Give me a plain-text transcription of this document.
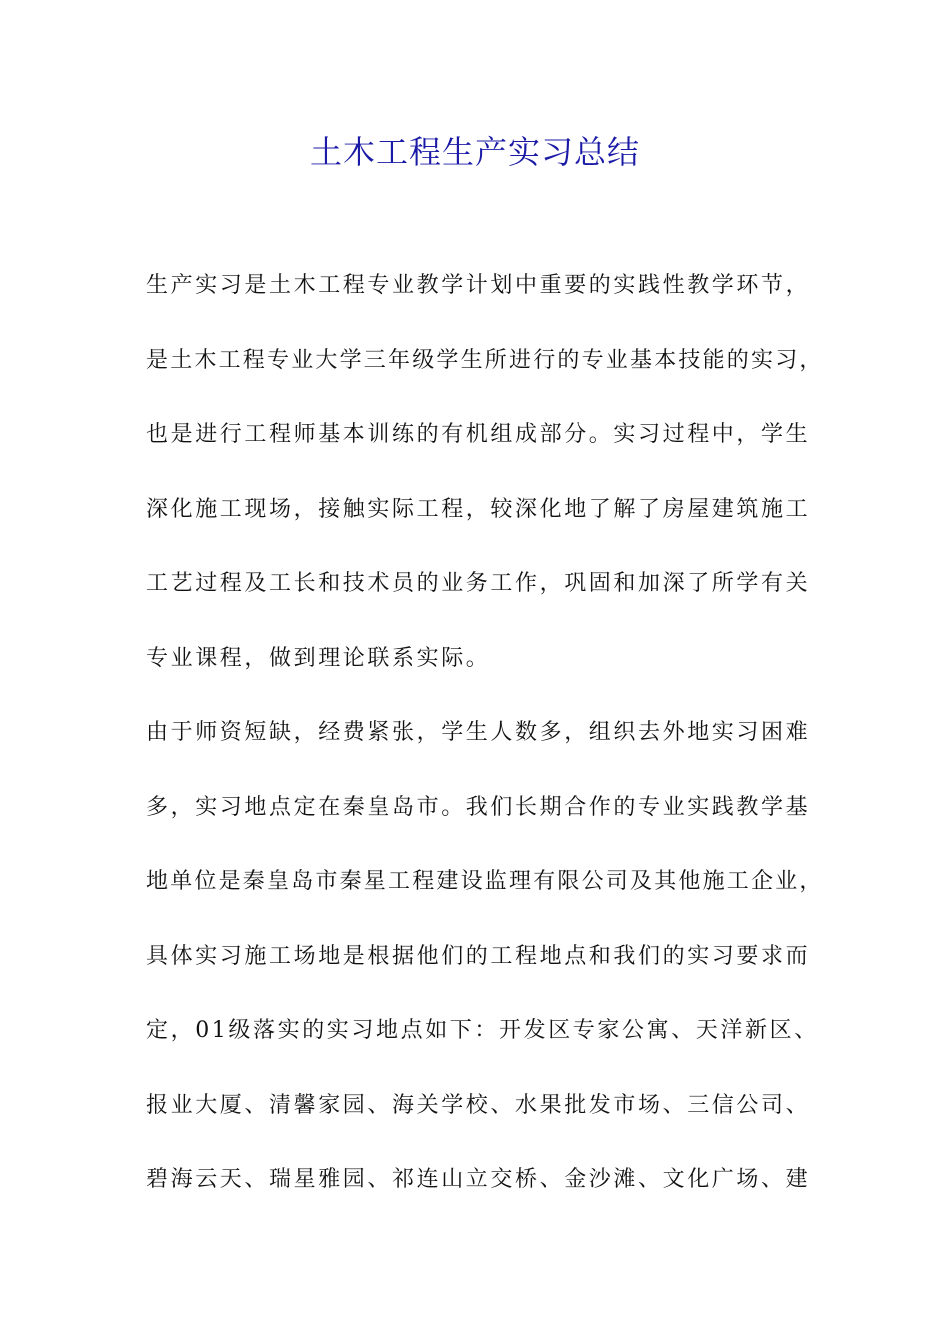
土木工程生产实习总结
生产实习是土木工程专业教学计划中重要的实践性教学环节，
是土木工程专业大学三年级学生所进行的专业基本技能的实习，
也是进行工程师基本训练的有机组成部分。实习过程中，学生
深化施工现场，接触实际工程，较深化地了解了房屋建筑施工
工艺过程及工长和技术员的业务工作，巩固和加深了所学有关
专业课程，做到理论联系实际。
由于师资短缺，经费紧张，学生人数多，组织去外地实习困难
多，实习地点定在秦皇岛市。我们长期合作的专业实践教学基
地单位是秦皇岛市秦星工程建设监理有限公司及其他施工企业，
具体实习施工场地是根据他们的工程地点和我们的实习要求而
定，01级落实的实习地点如下：开发区专家公寓、天洋新区、
报业大厦、清馨家园、海关学校、水果批发市场、三信公司、
碧海云天、瑞星雅园、祁连山立交桥、金沙滩、文化广场、建
